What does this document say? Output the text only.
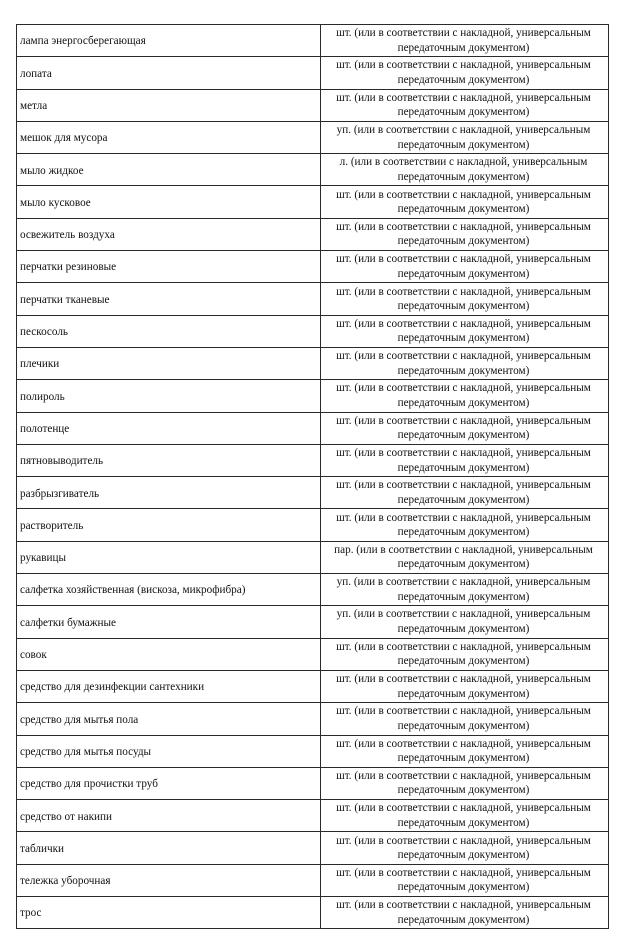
лампа энергосберегающая	шт. (или в соответствии с накладной, универсальным
передаточным документом)

лопата	шт. (или в соответствии с накладной, универсальным
передаточным документом)

метла	шт. (или в соответствии с накладной, универсальным
передаточным документом)

мешок для мусора	уп. (или в соответствии с накладной, универсальным
передаточным документом)

мыло жидкое	л. (или в соответствии с накладной, универсальным
передаточным документом)

мыло кусковое	шт. (или в соответствии с накладной, универсальным
передаточным документом)

освежитель воздуха	шт. (или в соответствии с накладной, универсальным
передаточным документом)

перчатки резиновые	шт. (или в соответствии с накладной, универсальным
передаточным документом)

перчатки тканевые	шт. (или в соответствии с накладной, универсальным
передаточным документом)

пескосоль	шт. (или в соответствии с накладной, универсальным
передаточным документом)

плечики	шт. (или в соответствии с накладной, универсальным
передаточным документом)

полироль	шт. (или в соответствии с накладной, универсальным
передаточным документом)

полотенце	шт. (или в соответствии с накладной, универсальным
передаточным документом)

пятновыводитель	шт. (или в соответствии с накладной, универсальным
передаточным документом)

разбрызгиватель	шт. (или в соответствии с накладной, универсальным
передаточным документом)

растворитель	шт. (или в соответствии с накладной, универсальным
передаточным документом)

рукавицы	пар. (или в соответствии с накладной, универсальным
передаточным документом)

салфетка хозяйственная (вискоза, микрофибра)	уп. (или в соответствии с накладной, универсальным
передаточным документом)

салфетки бумажные	уп. (или в соответствии с накладной, универсальным
передаточным документом)

совок	шт. (или в соответствии с накладной, универсальным
передаточным документом)

средство для дезинфекции сантехники	шт. (или в соответствии с накладной, универсальным
передаточным документом)

средство для мытья пола	шт. (или в соответствии с накладной, универсальным
передаточным документом)

средство для мытья посуды	шт. (или в соответствии с накладной, универсальным
передаточным документом)

средство для прочистки труб	шт. (или в соответствии с накладной, универсальным
передаточным документом)

средство от накипи	шт. (или в соответствии с накладной, универсальным
передаточным документом)

таблички	шт. (или в соответствии с накладной, универсальным
передаточным документом)

тележка уборочная	шт. (или в соответствии с накладной, универсальным
передаточным документом)

трос	шт. (или в соответствии с накладной, универсальным
передаточным документом)
